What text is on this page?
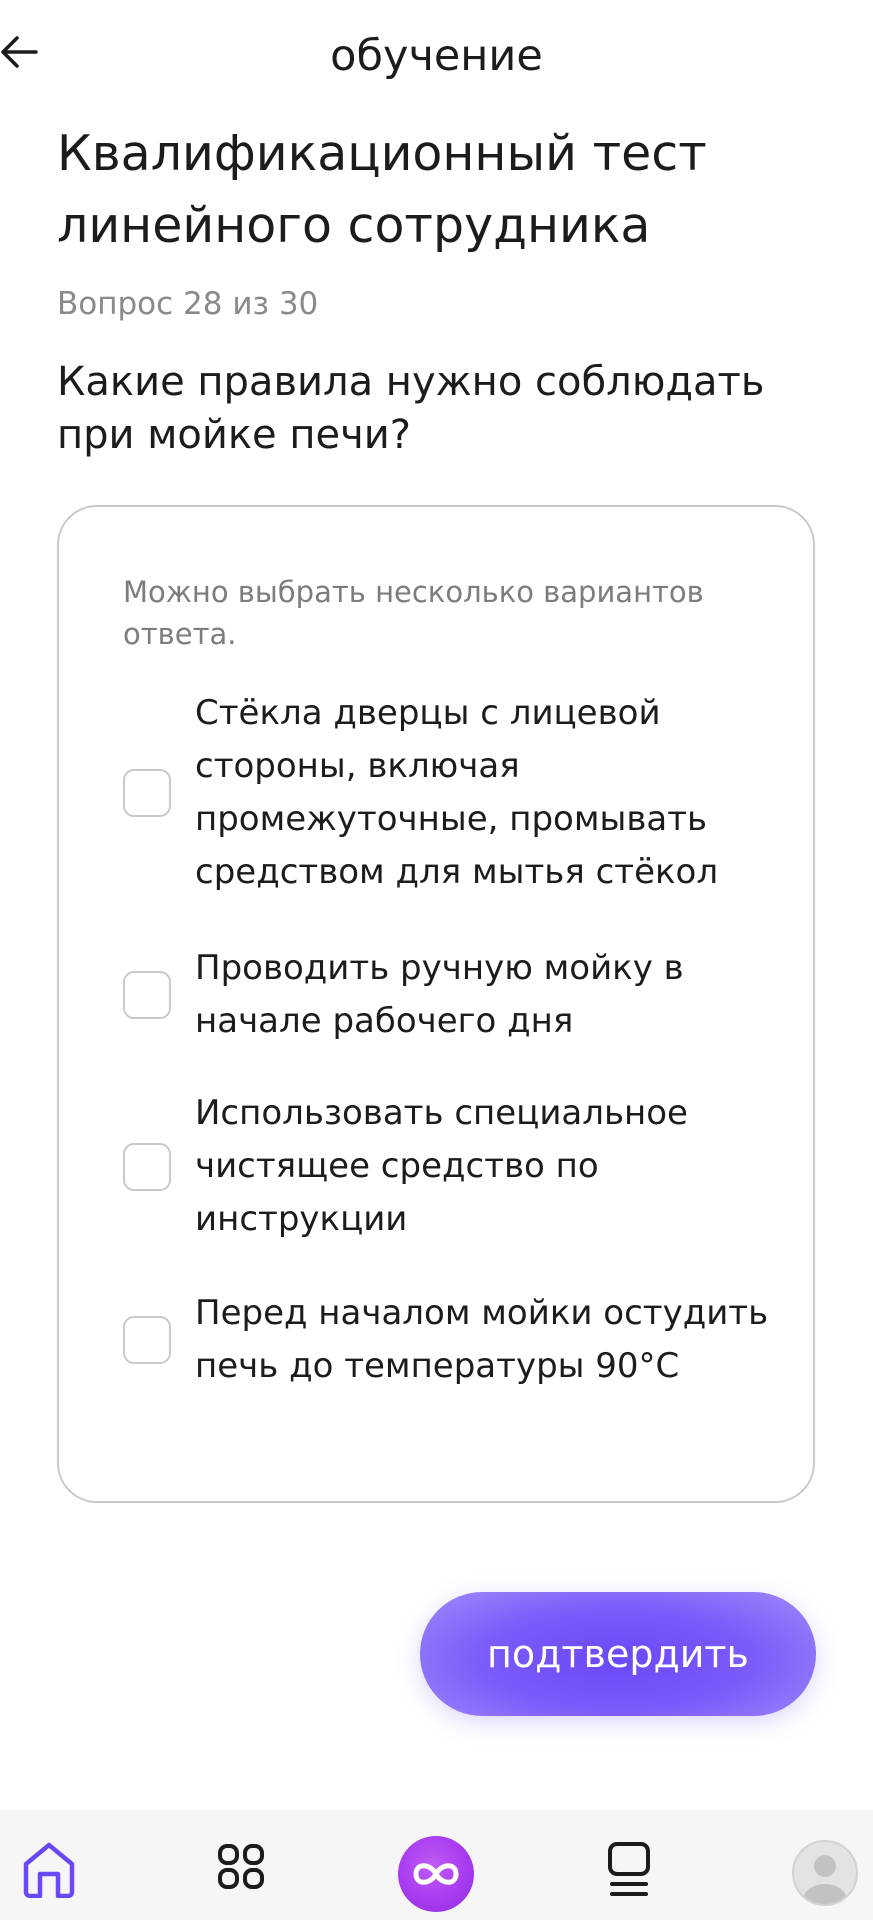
обучение
Квалификационный тест линейного сотрудника
Вопрос 28 из 30
Какие правила нужно соблюдать при мойке печи?
Можно выбрать несколько вариантов ответа.
Стёкла дверцы с лицевой стороны, включая промежуточные, промывать средством для мытья стёкол
Проводить ручную мойку в начале рабочего дня
Использовать специальное чистящее средство по инструкции
Перед началом мойки остудить печь до температуры 90°С
подтвердить
